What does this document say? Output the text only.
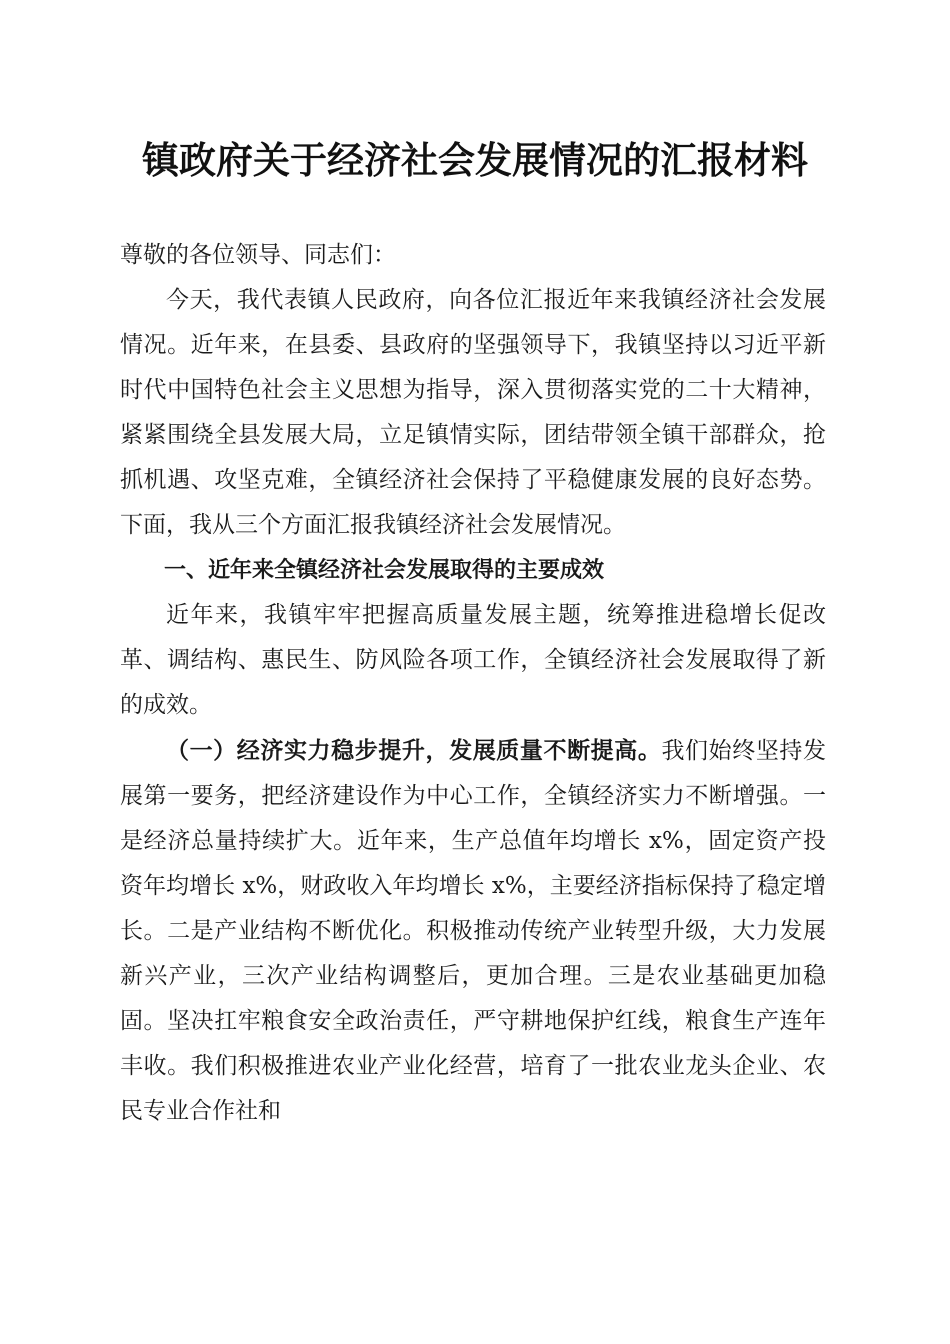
镇政府关于经济社会发展情况的汇报材料

尊敬的各位领导、同志们：

今天，我代表镇人民政府，向各位汇报近年来我镇经济社会发展情况。近年来，在县委、县政府的坚强领导下，我镇坚持以习近平新时代中国特色社会主义思想为指导，深入贯彻落实党的二十大精神，紧紧围绕全县发展大局，立足镇情实际，团结带领全镇干部群众，抢抓机遇、攻坚克难，全镇经济社会保持了平稳健康发展的良好态势。下面，我从三个方面汇报我镇经济社会发展情况。

一、近年来全镇经济社会发展取得的主要成效

近年来，我镇牢牢把握高质量发展主题，统筹推进稳增长促改革、调结构、惠民生、防风险各项工作，全镇经济社会发展取得了新的成效。

（一）经济实力稳步提升，发展质量不断提高。我们始终坚持发展第一要务，把经济建设作为中心工作，全镇经济实力不断增强。一是经济总量持续扩大。近年来，生产总值年均增长 x%，固定资产投资年均增长 x%，财政收入年均增长 x%，主要经济指标保持了稳定增长。二是产业结构不断优化。积极推动传统产业转型升级，大力发展新兴产业，三次产业结构调整后，更加合理。三是农业基础更加稳固。坚决扛牢粮食安全政治责任，严守耕地保护红线，粮食生产连年丰收。我们积极推进农业产业化经营，培育了一批农业龙头企业、农民专业合作社和
